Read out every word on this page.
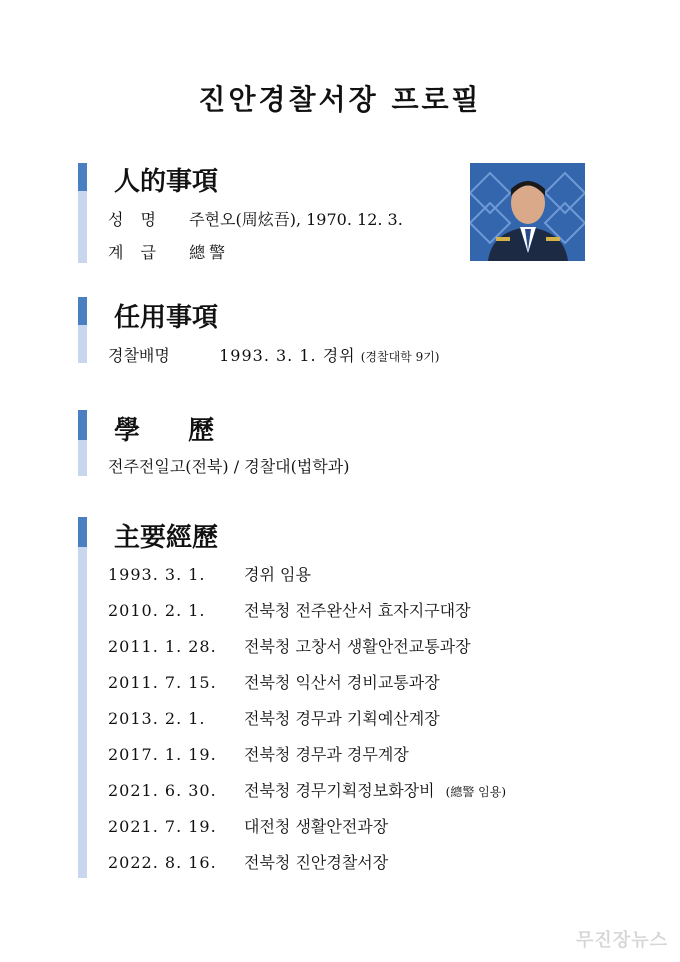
진안경찰서장 프로필
人的事項
성 명 주현오(周炫吾), 1970. 12. 3.
계 급 總警
任用事項
경찰배명	1993. 3. 1. 경위 (경찰대학 9기)
學  歷
전주전일고(전북) / 경찰대(법학과)
主要經歷
1993. 3. 1. 경위 임용
2010. 2. 1. 전북청 전주완산서 효자지구대장
2011. 1. 28. 전북청 고창서 생활안전교통과장
2011. 7. 15. 전북청 익산서 경비교통과장
2013. 2. 1. 전북청 경무과 기획예산계장
2017. 1. 19. 전북청 경무과 경무계장
2021. 6. 30. 전북청 경무기획정보화장비 (總警 임용)
2021. 7. 19. 대전청 생활안전과장
2022. 8. 16. 전북청 진안경찰서장
무진장뉴스
